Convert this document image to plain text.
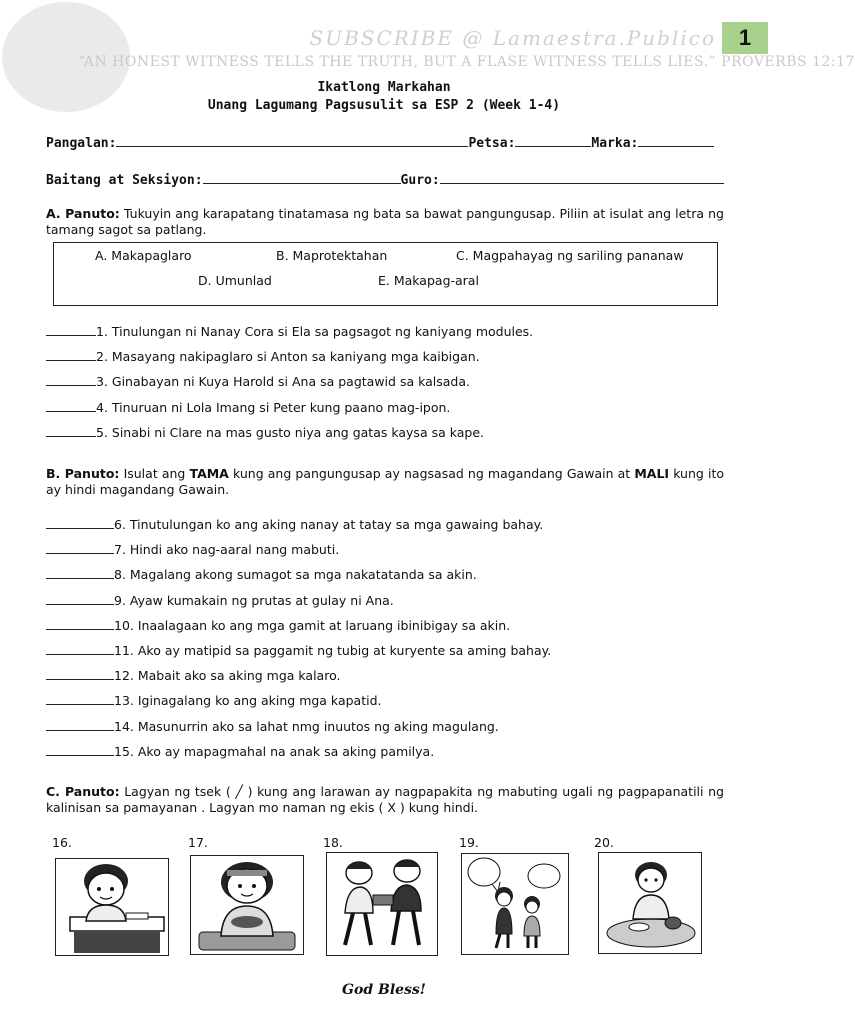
SUBSCRIBE @ Lamaestra.Publico	1
“AN HONEST WITNESS TELLS THE TRUTH, BUT A FLASE WITNESS TELLS LIES.” PROVERBS 12:17
Ikatlong Markahan
Unang Lagumang Pagsusulit sa ESP 2 (Week 1-4)
Pangalan:	Petsa:	Marka:
Baitang at Seksiyon:	Guro:
A. Panuto: Tukuyin ang karapatang tinatamasa ng bata sa bawat pangungusap. Piliin at isulat ang letra ng tamang sagot sa patlang.
A. Makapaglaro	B. Maprotektahan	C. Magpahayag ng sariling pananaw
D. Umunlad	E. Makapag-aral
1. Tinulungan ni Nanay Cora si Ela sa pagsagot ng kaniyang modules.
2. Masayang nakipaglaro si Anton sa kaniyang mga kaibigan.
3. Ginabayan ni Kuya Harold si Ana sa pagtawid sa kalsada.
4. Tinuruan ni Lola Imang si Peter kung paano mag-ipon.
5. Sinabi ni Clare na mas gusto niya ang gatas kaysa sa kape.
B. Panuto: Isulat ang TAMA kung ang pangungusap ay nagsasad ng magandang Gawain at MALI kung ito ay hindi magandang Gawain.
6. Tinutulungan ko ang aking nanay at tatay sa mga gawaing bahay.
7. Hindi ako nag-aaral nang mabuti.
8. Magalang akong sumagot sa mga nakatatanda sa akin.
9. Ayaw kumakain ng prutas at gulay ni Ana.
10. Inaalagaan ko ang mga gamit at laruang ibinibigay sa akin.
11. Ako ay matipid sa paggamit ng tubig at kuryente sa aming bahay.
12. Mabait ako sa aking mga kalaro.
13. Iginagalang ko ang aking mga kapatid.
14. Masunurrin ako sa lahat nmg inuutos ng aking magulang.
15. Ako ay mapagmahal na anak sa aking pamilya.
C. Panuto: Lagyan ng tsek ( ╱ ) kung ang larawan ay nagpapakita ng mabuting ugali ng pagpapanatili ng kalinisan sa pamayanan . Lagyan mo naman ng ekis ( X ) kung hindi.
16.	17.	18.	19.	20.
God Bless!
